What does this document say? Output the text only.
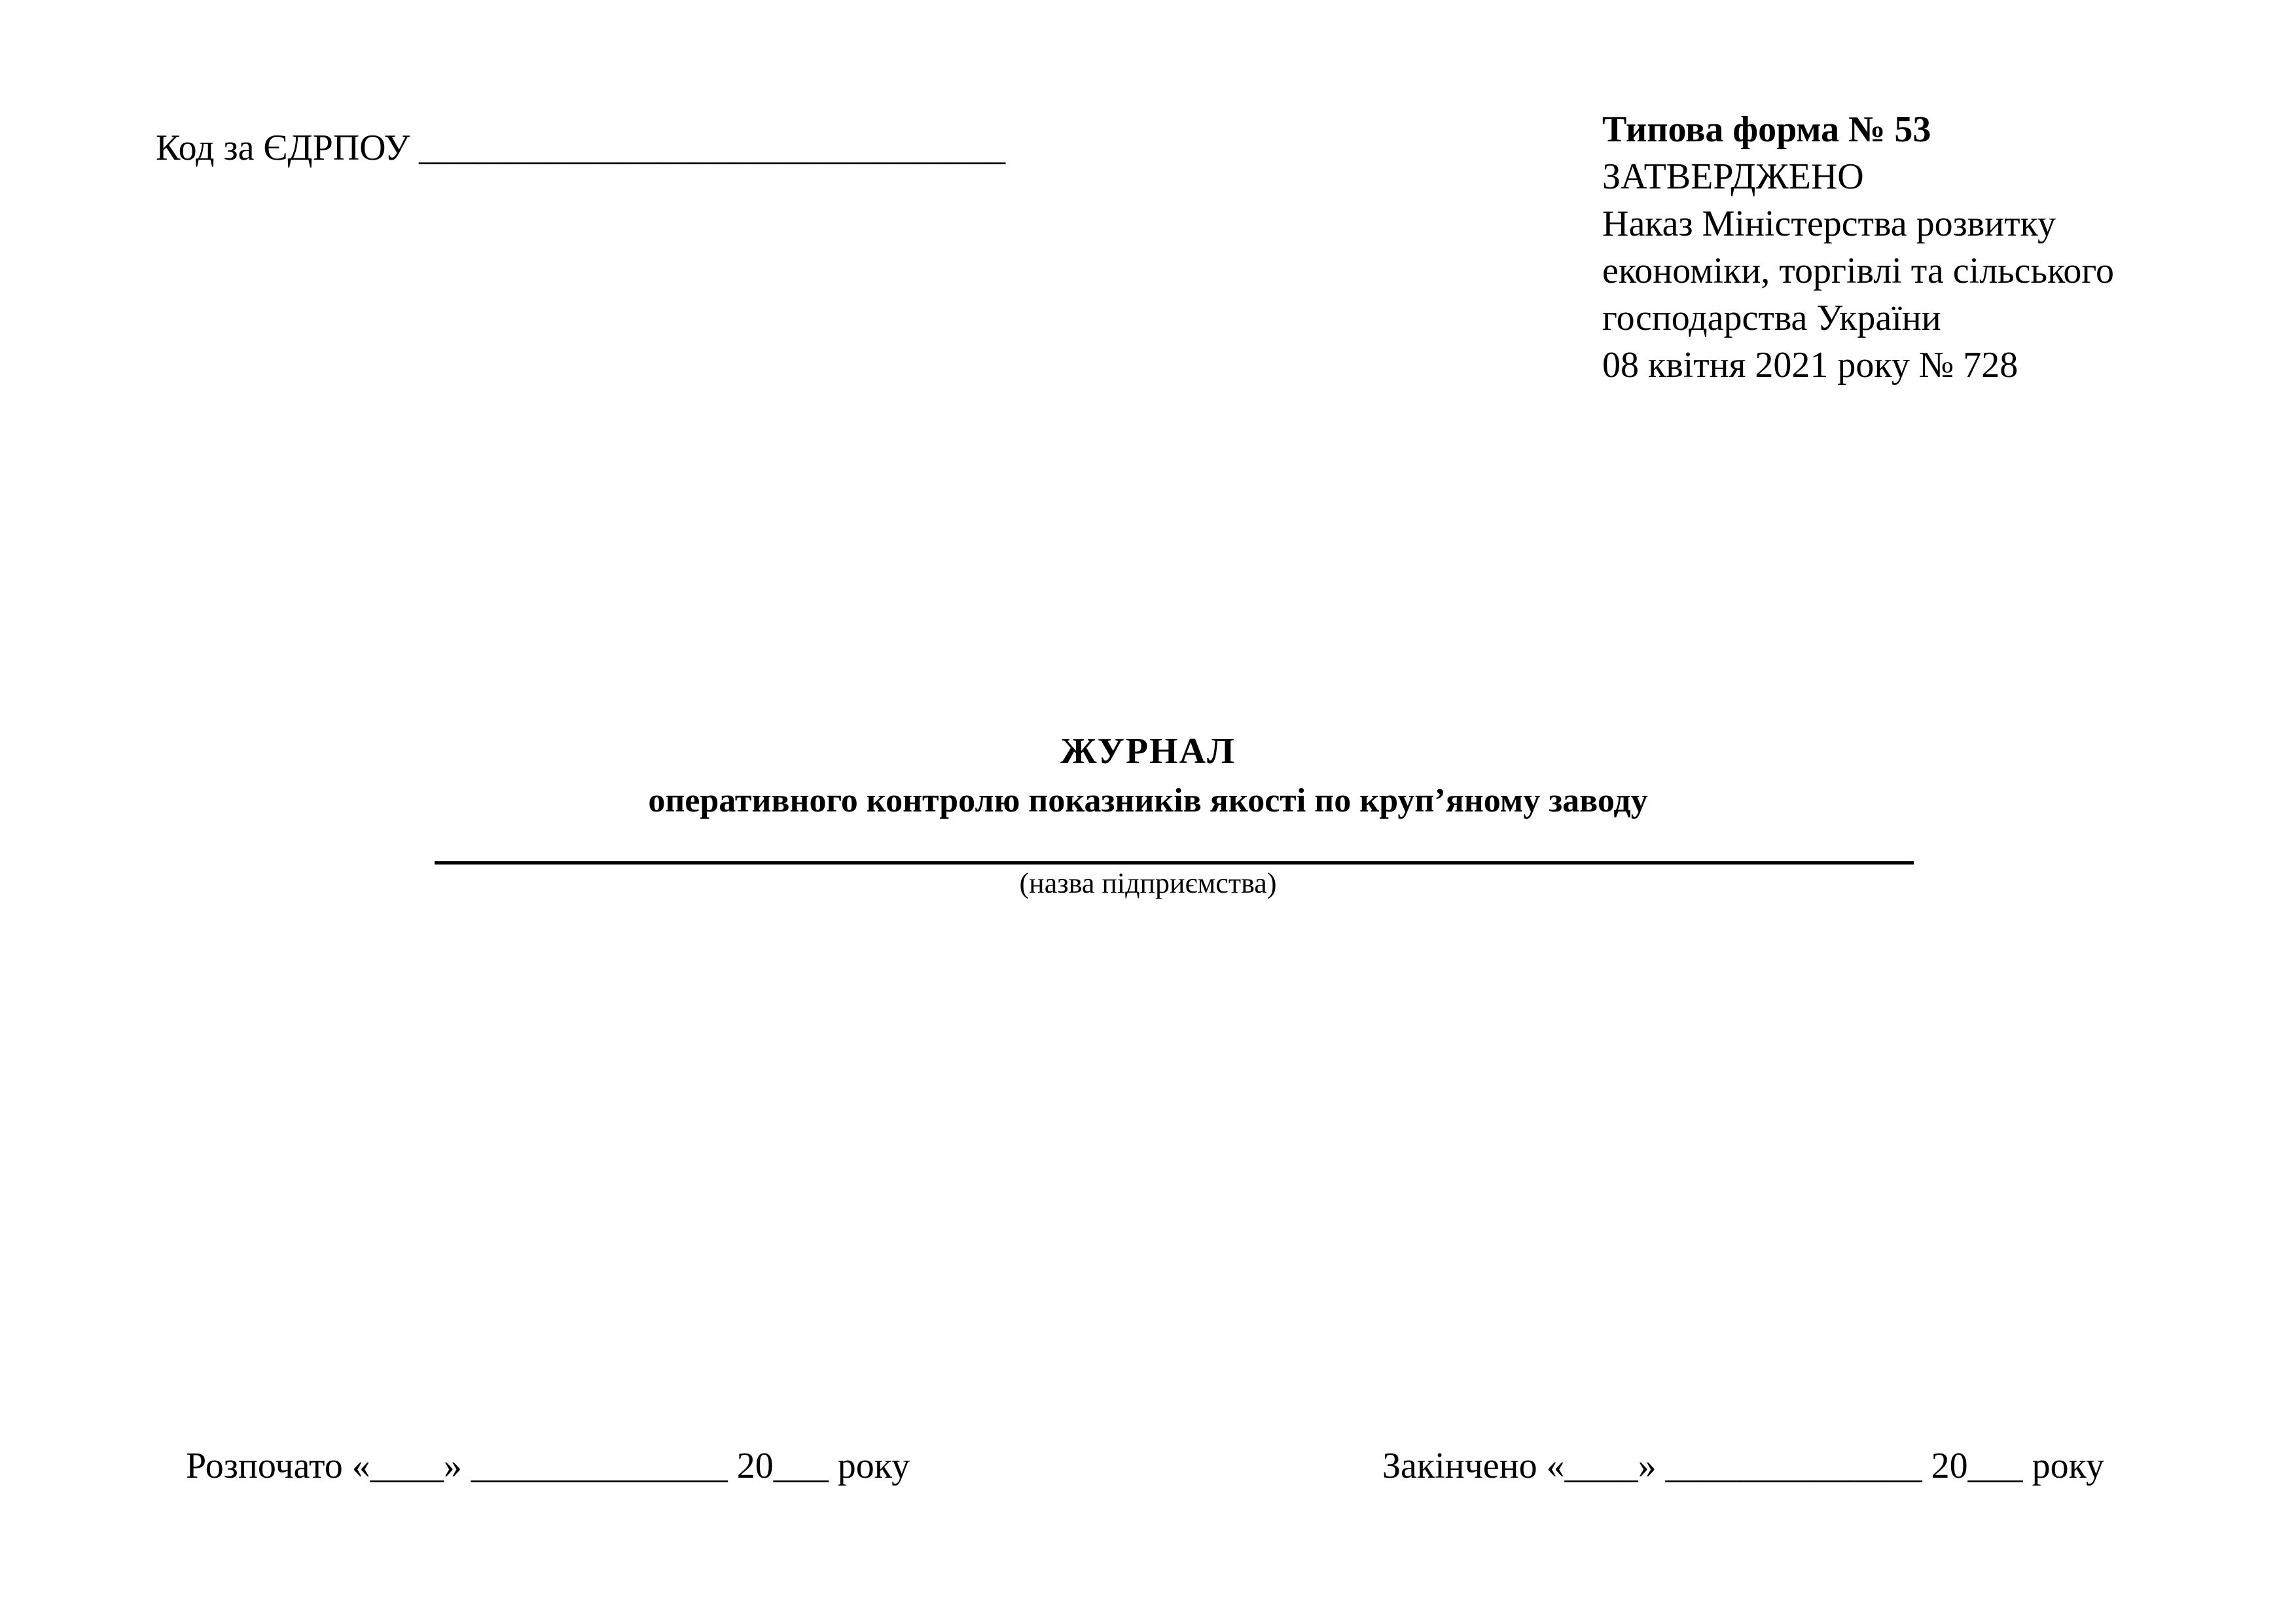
Код за ЄДРПОУ ________________________________	Типова форма № 53
ЗАТВЕРДЖЕНО
Наказ Міністерства розвитку
економіки, торгівлі та сільського
господарства України
08 квітня 2021 року № 728
ЖУРНАЛ
оперативного контролю показників якості по круп’яному заводу
(назва підприємства)
Розпочато «____» ______________ 20___ року	Закінчено «____» ______________ 20___ року
